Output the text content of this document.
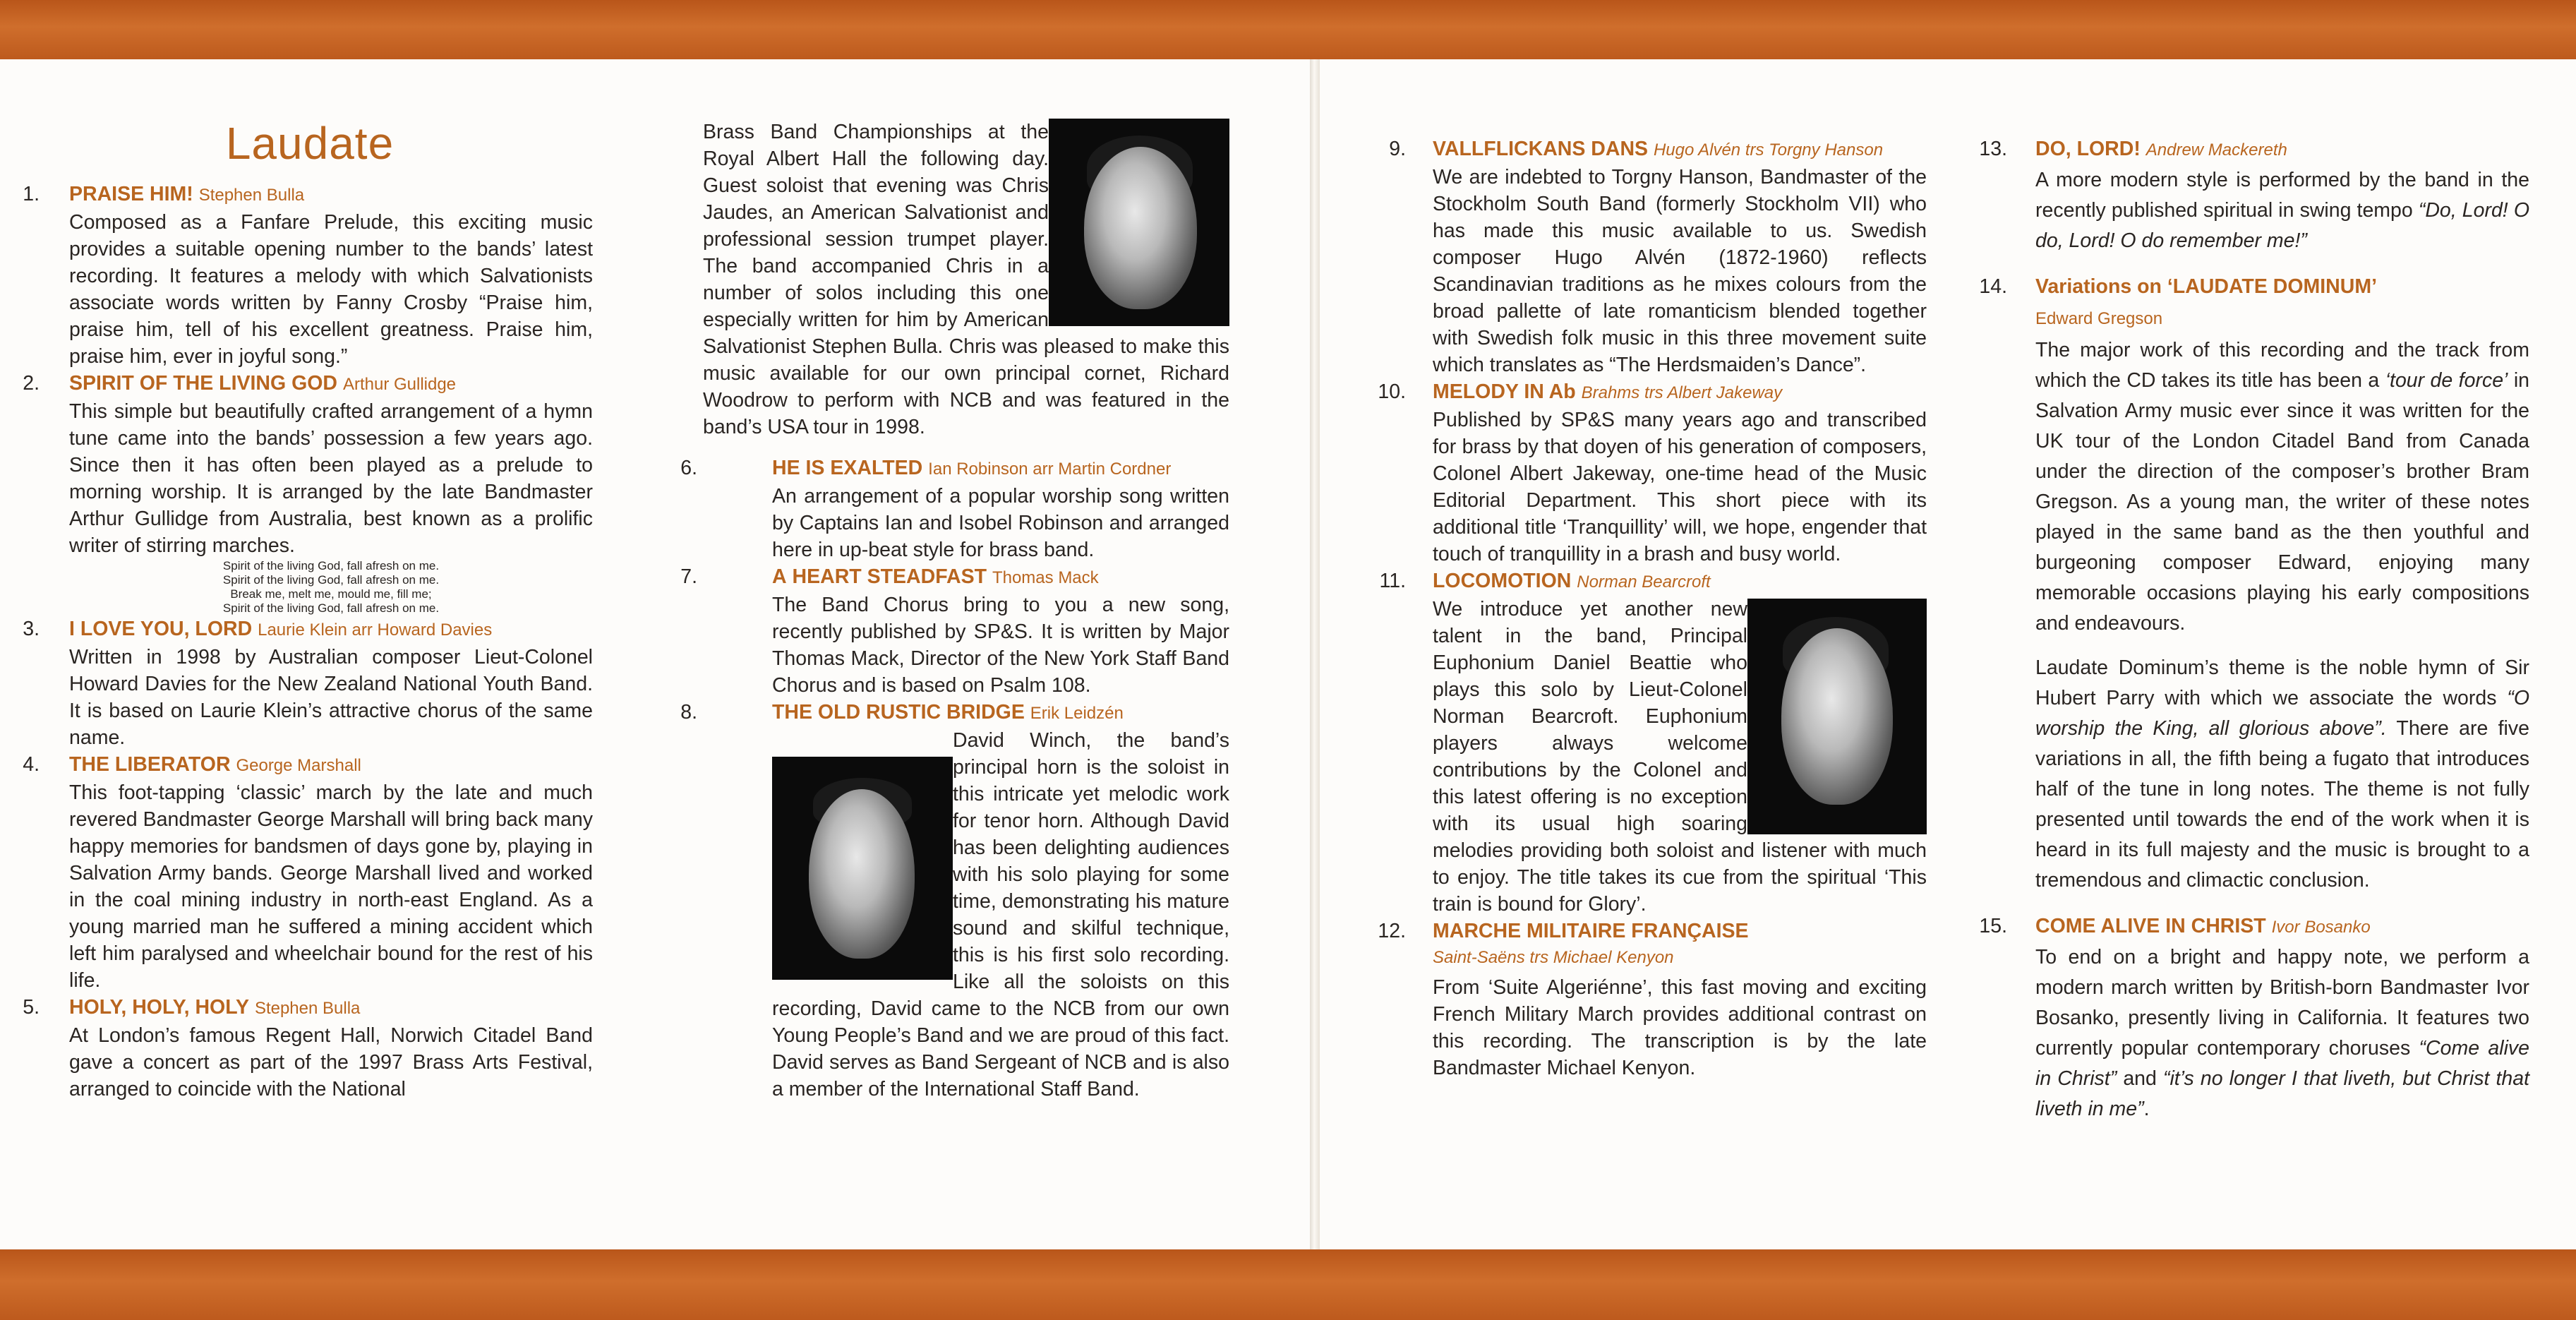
Laudate
1. PRAISE HIM! Stephen Bulla

Composed as a Fanfare Prelude, this exciting music provides a suitable opening number to the bands’ latest recording. It features a melody with which Salvationists associate words written by Fanny Crosby “Praise him, praise him, tell of his excellent greatness. Praise him, praise him, ever in joyful song.”

2. SPIRIT OF THE LIVING GOD Arthur Gullidge

This simple but beautifully crafted arrangement of a hymn tune came into the bands’ possession a few years ago. Since then it has often been played as a prelude to morning worship. It is arranged by the late Bandmaster Arthur Gullidge from Australia, best known as a prolific writer of stirring marches.

Spirit of the living God, fall afresh on me.
Spirit of the living God, fall afresh on me.
Break me, melt me, mould me, fill me;
Spirit of the living God, fall afresh on me.
3. I LOVE YOU, LORD Laurie Klein arr Howard Davies

Written in 1998 by Australian composer Lieut-Colonel Howard Davies for the New Zealand National Youth Band. It is based on Laurie Klein’s attractive chorus of the same name.

4. THE LIBERATOR George Marshall

This foot-tapping ‘classic’ march by the late and much revered Bandmaster George Marshall will bring back many happy memories for bandsmen of days gone by, playing in Salvation Army bands. George Marshall lived and worked in the coal mining industry in north-east England. As a young married man he suffered a mining accident which left him paralysed and wheelchair bound for the rest of his life.

5. HOLY, HOLY, HOLY Stephen Bulla

At London’s famous Regent Hall, Norwich Citadel Band gave a concert as part of the 1997 Brass Arts Festival, arranged to coincide with the National

Brass Band Championships at the Royal Albert Hall the following day. Guest soloist that evening was Chris Jaudes, an American Salvationist and professional session trumpet player. The band accompanied Chris in a number of solos including this one especially written for him by American Salvationist Stephen Bulla. Chris was pleased to make this music available for our own principal cornet, Richard Woodrow to perform with NCB and was featured in the band’s USA tour in 1998.

6.	HE IS EXALTED Ian Robinson arr Martin Cordner

An arrangement of a popular worship song written by Captains Ian and Isobel Robinson and arranged here in up-beat style for brass band.

7.	A HEART STEADFAST Thomas Mack

The Band Chorus bring to you a new song, recently published by SP&S. It is written by Major Thomas Mack, Director of the New York Staff Band Chorus and is based on Psalm 108.

8.	THE OLD RUSTIC BRIDGE Erik Leidzén

David Winch, the band’s principal horn is the soloist in this intricate yet melodic work for tenor horn. Although David has been delighting audiences with his solo playing for some time, demonstrating his mature sound and skilful technique, this is his first solo recording. Like all the soloists on this recording, David came to the NCB from our own Young People’s Band and we are proud of this fact. David serves as Band Sergeant of NCB and is also a member of the International Staff Band.

9. VALLFLICKANS DANS Hugo Alvén trs Torgny Hanson

We are indebted to Torgny Hanson, Bandmaster of the Stockholm South Band (formerly Stockholm VII) who has made this music available to us. Swedish composer Hugo Alvén (1872-1960) reflects Scandinavian traditions as he mixes colours from the broad pallette of late romanticism blended together with Swedish folk music in this three movement suite which translates as “The Herdsmaiden’s Dance”.

10. MELODY IN Ab Brahms trs Albert Jakeway

Published by SP&S many years ago and transcribed for brass by that doyen of his generation of composers, Colonel Albert Jakeway, one-time head of the Music Editorial Department. This short piece with its additional title ‘Tranquillity’ will, we hope, engender that touch of tranquillity in a brash and busy world.

11. LOCOMOTION Norman Bearcroft

We introduce yet another new talent in the band, Principal Euphonium Daniel Beattie who plays this solo by Lieut-Colonel Norman Bearcroft. Euphonium players always welcome contributions by the Colonel and this latest offering is no exception with its usual high soaring melodies providing both soloist and listener with much to enjoy. The title takes its cue from the spiritual ‘This train is bound for Glory’.

12. MARCHE MILITAIRE FRANÇAISE
Saint-Saëns trs Michael Kenyon

From ‘Suite Algeriénne’, this fast moving and exciting French Military March provides additional contrast on this recording. The transcription is by the late Bandmaster Michael Kenyon.

13. DO, LORD! Andrew Mackereth

A more modern style is performed by the band in the recently published spiritual in swing tempo “Do, Lord! O do, Lord! O do remember me!”

14. Variations on ‘LAUDATE DOMINUM’
Edward Gregson

The major work of this recording and the track from which the CD takes its title has been a ‘tour de force’ in Salvation Army music ever since it was written for the UK tour of the London Citadel Band from Canada under the direction of the composer’s brother Bram Gregson. As a young man, the writer of these notes played in the same band as the then youthful and burgeoning composer Edward, enjoying many memorable occasions playing his early compositions and endeavours.

Laudate Dominum’s theme is the noble hymn of Sir Hubert Parry with which we associate the words “O worship the King, all glorious above”. There are five variations in all, the fifth being a fugato that introduces half of the tune in long notes. The theme is not fully presented until towards the end of the work when it is heard in its full majesty and the music is brought to a tremendous and climactic conclusion.

15. COME ALIVE IN CHRIST Ivor Bosanko

To end on a bright and happy note, we perform a modern march written by British-born Bandmaster Ivor Bosanko, presently living in California. It features two currently popular contemporary choruses “Come alive in Christ” and “it’s no longer I that liveth, but Christ that liveth in me”.
